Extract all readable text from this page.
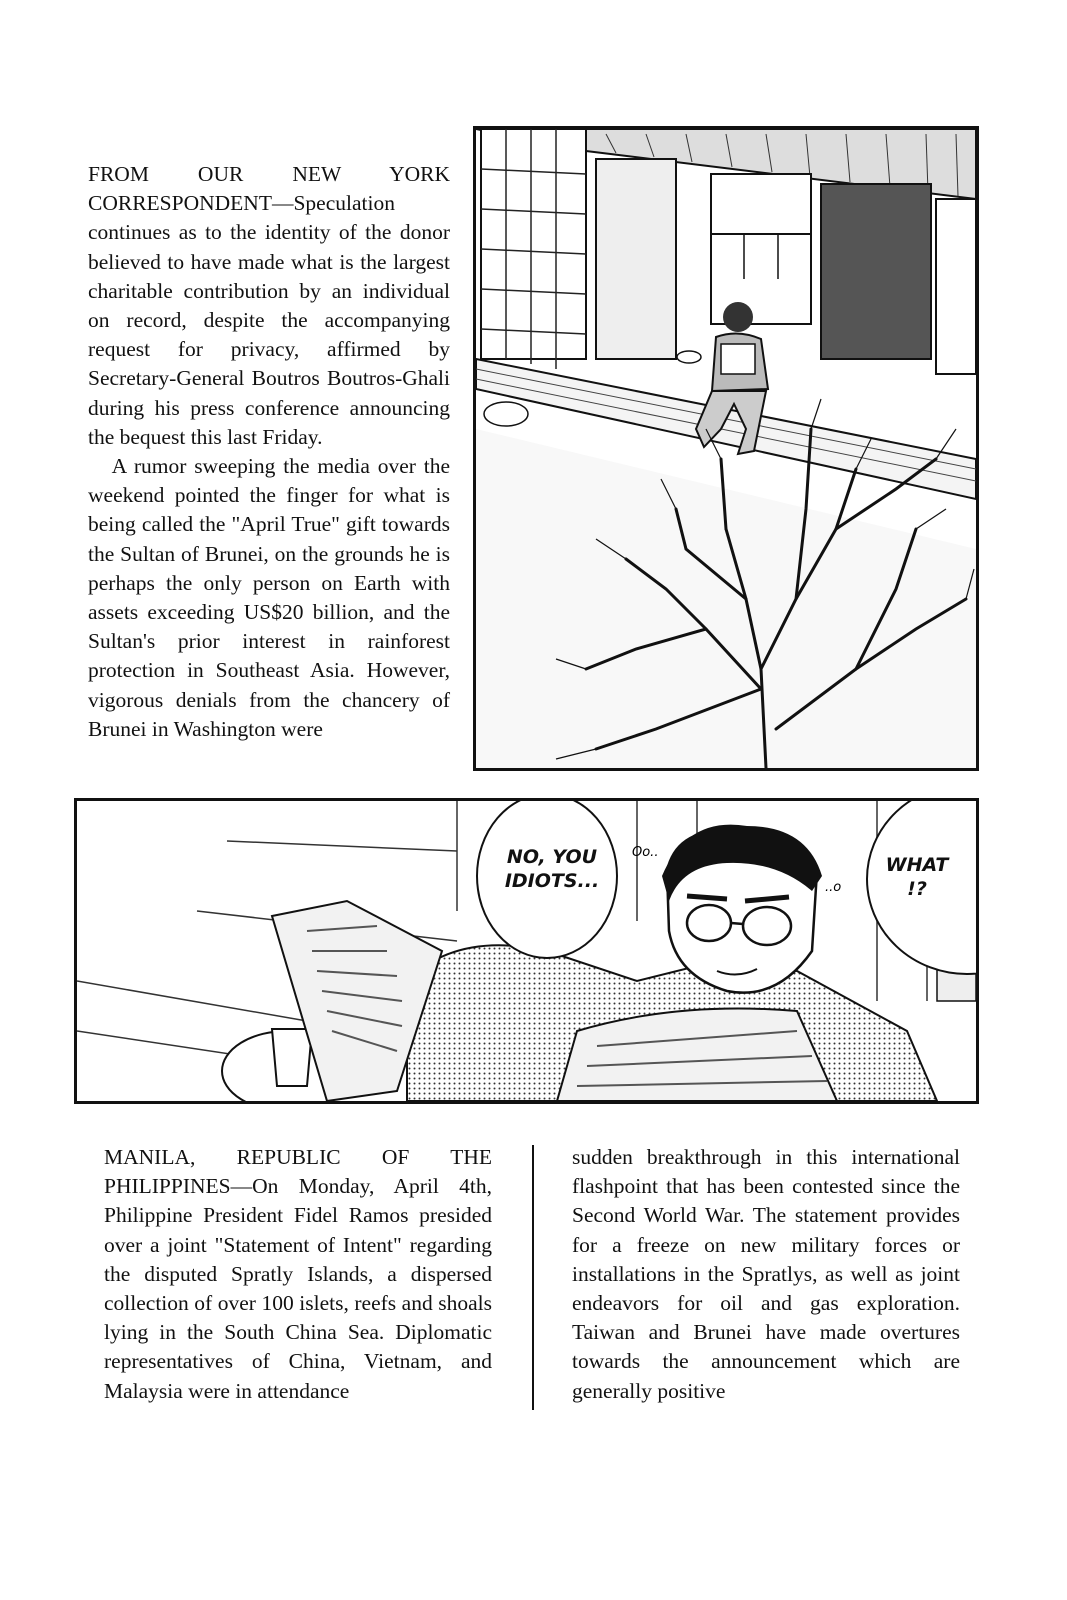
FROM OUR NEW YORK CORRESPONDENT—Speculation continues as to the identity of the donor believed to have made what is the largest charitable contribution by an individual on record, despite the accompanying request for privacy, affirmed by Secretary-General Boutros Boutros-Ghali during his press conference announcing the bequest this last Friday.

A rumor sweeping the media over the weekend pointed the finger for what is being called the "April True" gift towards the Sultan of Brunei, on the grounds he is perhaps the only person on Earth with assets exceeding US$20 billion, and the Sultan's prior interest in rainforest protection in Southeast Asia. However, vigorous denials from the chancery of Brunei in Washington were

Oo..
..o
NO, YOU
IDIOTS...
WHAT
!?

MANILA, REPUBLIC OF THE PHILIPPINES—On Monday, April 4th, Philippine President Fidel Ramos presided over a joint "Statement of Intent" regarding the disputed Spratly Islands, a dispersed collection of over 100 islets, reefs and shoals lying in the South China Sea. Diplomatic representatives of China, Vietnam, and Malaysia were in attendance

sudden breakthrough in this international flashpoint that has been contested since the Second World War. The statement provides for a freeze on new military forces or installations in the Spratlys, as well as joint endeavors for oil and gas exploration. Taiwan and Brunei have made overtures towards the announcement which are generally positive
